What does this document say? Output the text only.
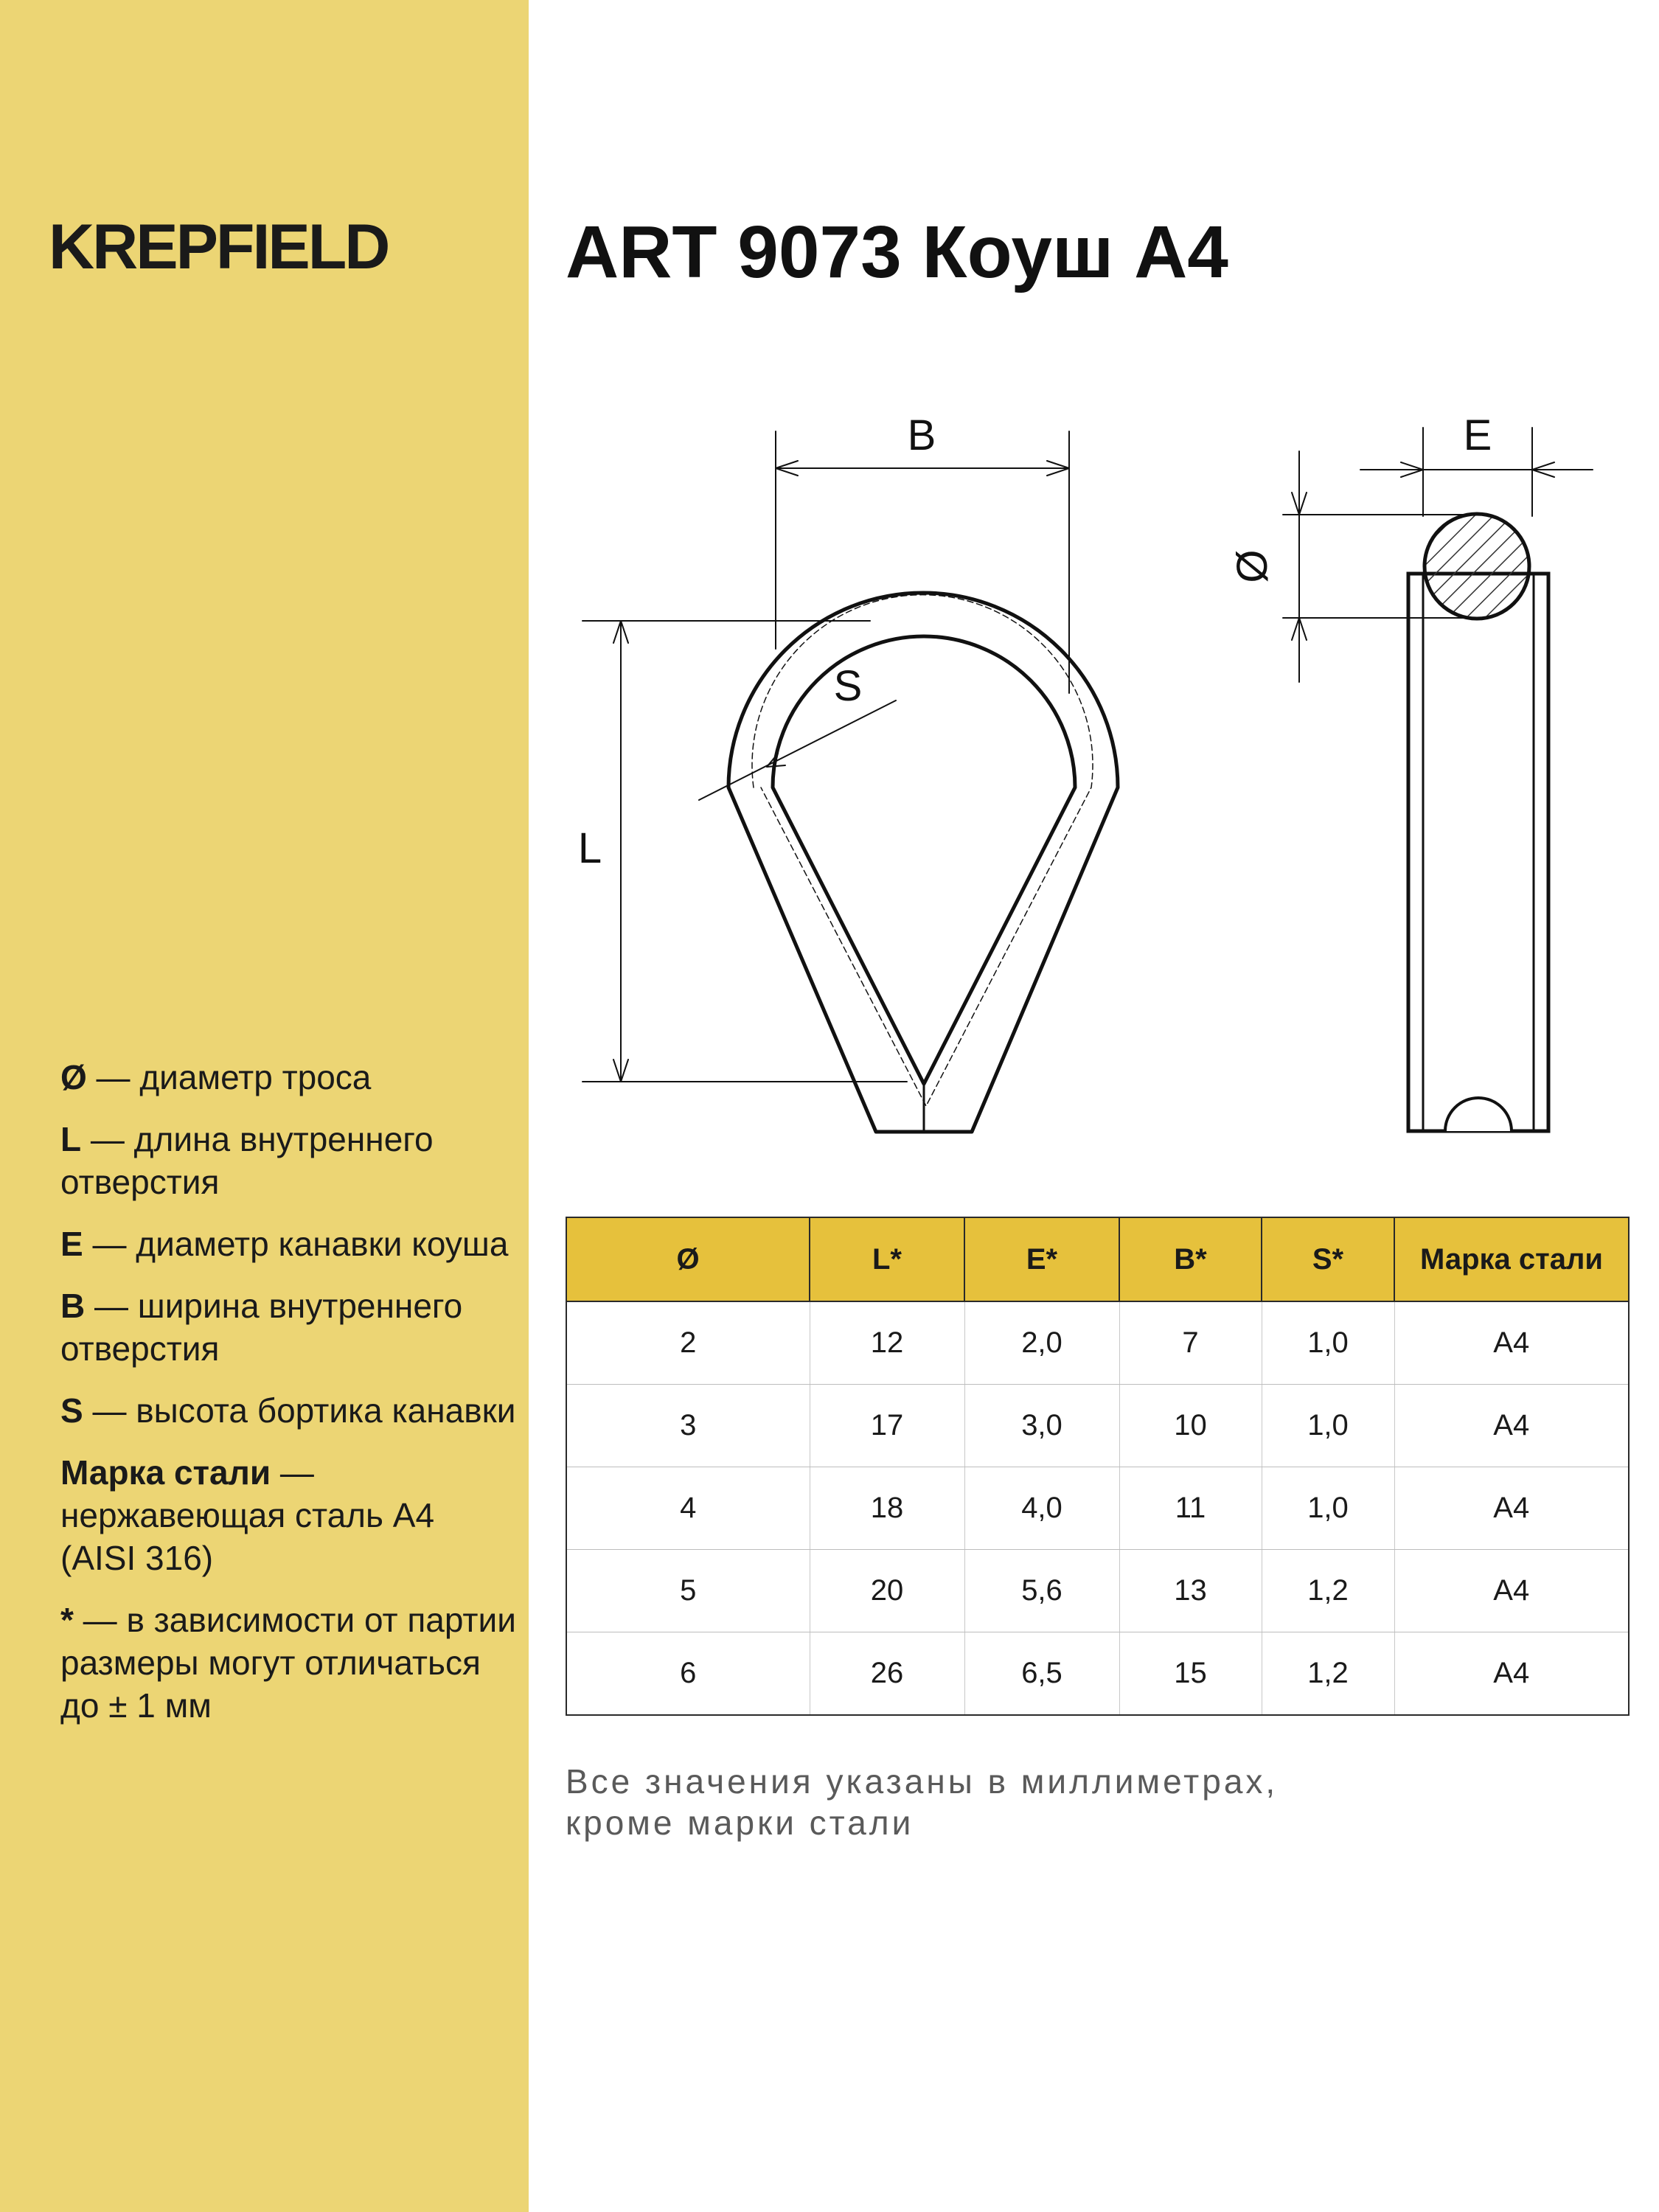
KREPFIELD ART 9073 Коуш А4
Ø — диаметр троса
L — длина внутреннего отверстия
E — диаметр канавки коуша
B — ширина внутреннего отверстия
S — высота бортика канавки
Марка стали — нержавеющая сталь А4 (AISI 316)
* — в зависимости от партии размеры могут отличаться до ± 1 мм
B
S
L
E
Ø
Ø	L*	E*	B*	S*	Марка стали
2	12	2,0	7	1,0	А4
3	17	3,0	10	1,0	А4
4	18	4,0	11	1,0	А4
5	20	5,6	13	1,2	А4
6	26	6,5	15	1,2	А4
Все значения указаны в миллиметрах,
кроме марки стали
